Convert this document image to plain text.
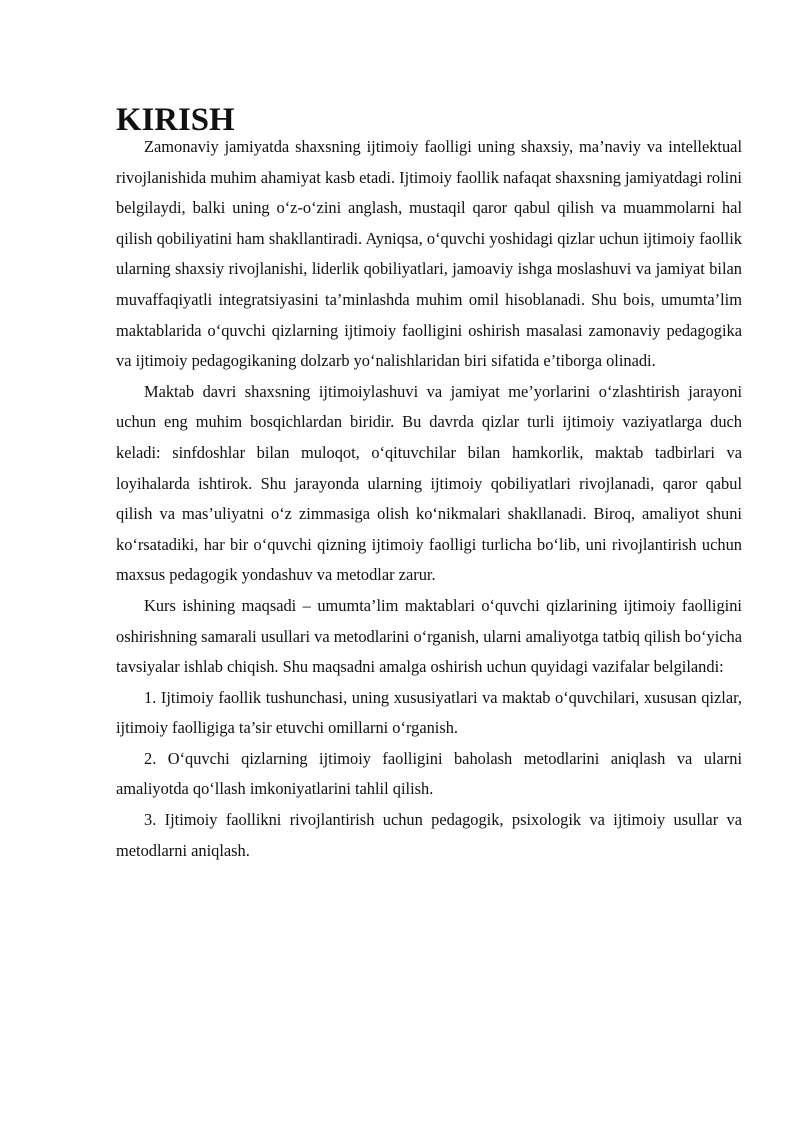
KIRISH

Zamonaviy jamiyatda shaxsning ijtimoiy faolligi uning shaxsiy, ma’naviy va intellektual rivojlanishida muhim ahamiyat kasb etadi. Ijtimoiy faollik nafaqat shaxsning jamiyatdagi rolini belgilaydi, balki uning o‘z-o‘zini anglash, mustaqil qaror qabul qilish va muammolarni hal qilish qobiliyatini ham shakllantiradi. Ayniqsa, o‘quvchi yoshidagi qizlar uchun ijtimoiy faollik ularning shaxsiy rivojlanishi, liderlik qobiliyatlari, jamoaviy ishga moslashuvi va jamiyat bilan muvaffaqiyatli integratsiyasini ta’minlashda muhim omil hisoblanadi. Shu bois, umumta’lim maktablarida o‘quvchi qizlarning ijtimoiy faolligini oshirish masalasi zamonaviy pedagogika va ijtimoiy pedagogikaning dolzarb yo‘nalishlaridan biri sifatida e’tiborga olinadi.

Maktab davri shaxsning ijtimoiylashuvi va jamiyat me’yorlarini o‘zlashtirish jarayoni uchun eng muhim bosqichlardan biridir. Bu davrda qizlar turli ijtimoiy vaziyatlarga duch keladi: sinfdoshlar bilan muloqot, o‘qituvchilar bilan hamkorlik, maktab tadbirlari va loyihalarda ishtirok. Shu jarayonda ularning ijtimoiy qobiliyatlari rivojlanadi, qaror qabul qilish va mas’uliyatni o‘z zimmasiga olish ko‘nikmalari shakllanadi. Biroq, amaliyot shuni ko‘rsatadiki, har bir o‘quvchi qizning ijtimoiy faolligi turlicha bo‘lib, uni rivojlantirish uchun maxsus pedagogik yondashuv va metodlar zarur.

Kurs ishining maqsadi – umumta’lim maktablari o‘quvchi qizlarining ijtimoiy faolligini oshirishning samarali usullari va metodlarini o‘rganish, ularni amaliyotga tatbiq qilish bo‘yicha tavsiyalar ishlab chiqish. Shu maqsadni amalga oshirish uchun quyidagi vazifalar belgilandi:

1. Ijtimoiy faollik tushunchasi, uning xususiyatlari va maktab o‘quvchilari, xususan qizlar, ijtimoiy faolligiga ta’sir etuvchi omillarni o‘rganish.

2. O‘quvchi qizlarning ijtimoiy faolligini baholash metodlarini aniqlash va ularni amaliyotda qo‘llash imkoniyatlarini tahlil qilish.

3. Ijtimoiy faollikni rivojlantirish uchun pedagogik, psixologik va ijtimoiy usullar va metodlarni aniqlash.
